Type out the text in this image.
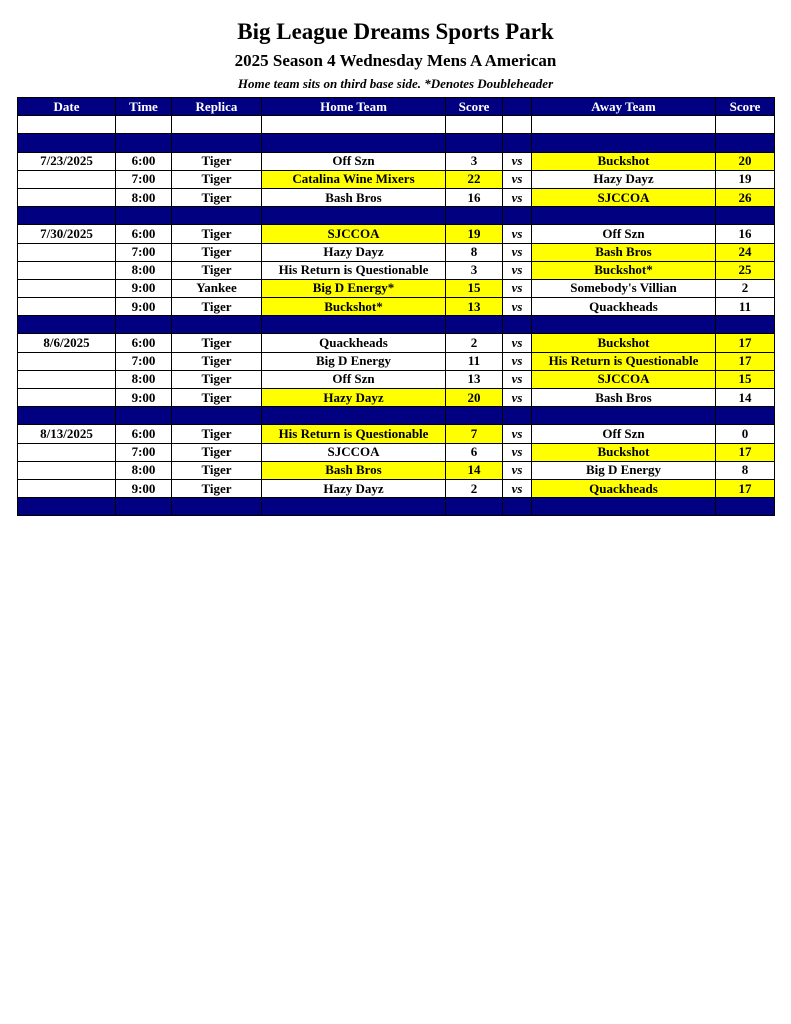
Big League Dreams Sports Park
2025 Season 4 Wednesday Mens A American
Home team sits on third base side. *Denotes Doubleheader
Date	Time	Replica	Home Team	Score		Away Team	Score

7/23/2025	6:00	Tiger	Off Szn	3	vs	Buckshot	20
	7:00	Tiger	Catalina Wine Mixers	22	vs	Hazy Dayz	19
	8:00	Tiger	Bash Bros	16	vs	SJCCOA	26

7/30/2025	6:00	Tiger	SJCCOA	19	vs	Off Szn	16
	7:00	Tiger	Hazy Dayz	8	vs	Bash Bros	24
	8:00	Tiger	His Return is Questionable	3	vs	Buckshot*	25
	9:00	Yankee	Big D Energy*	15	vs	Somebody's Villian	2
	9:00	Tiger	Buckshot*	13	vs	Quackheads	11

8/6/2025	6:00	Tiger	Quackheads	2	vs	Buckshot	17
	7:00	Tiger	Big D Energy	11	vs	His Return is Questionable	17
	8:00	Tiger	Off Szn	13	vs	SJCCOA	15
	9:00	Tiger	Hazy Dayz	20	vs	Bash Bros	14

8/13/2025	6:00	Tiger	His Return is Questionable	7	vs	Off Szn	0
	7:00	Tiger	SJCCOA	6	vs	Buckshot	17
	8:00	Tiger	Bash Bros	14	vs	Big D Energy	8
	9:00	Tiger	Hazy Dayz	2	vs	Quackheads	17
